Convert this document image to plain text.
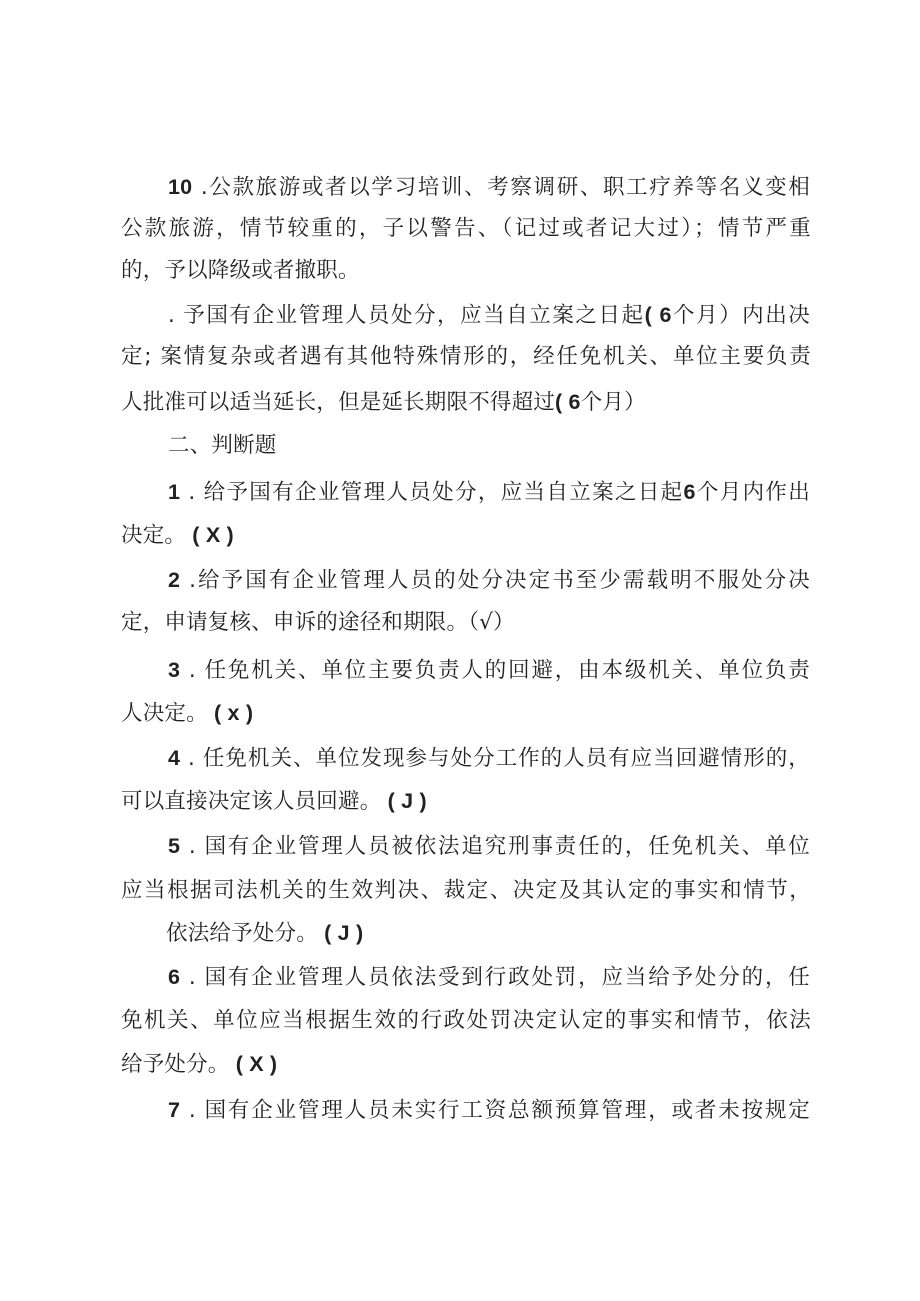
10 .公款旅游或者以学习培训、考察调研、职工疗养等名义变相
公款旅游，情节较重的，子以警告、（记过或者记大过）；情节严重
的，予以降级或者撤职。
. 予国有企业管理人员处分，应当自立案之日起( 6个月）内出决
定; 案情复杂或者遇有其他特殊情形的，经任免机关、单位主要负责
人批准可以适当延长，但是延长期限不得超过( 6个月）
二、判断题
1 . 给予国有企业管理人员处分，应当自立案之日起6个月内作出
决定。 ( X )
2 .给予国有企业管理人员的处分决定书至少需载明不服处分决
定，申请复核、申诉的途径和期限。（√）
3 . 任免机关、单位主要负责人的回避，由本级机关、单位负责
人决定。 ( x )
4 . 任免机关、单位发现参与处分工作的人员有应当回避情形的，
可以直接决定该人员回避。 ( J )
5 . 国有企业管理人员被依法追究刑事责任的，任免机关、单位
应当根据司法机关的生效判决、裁定、决定及其认定的事实和情节，
依法给予处分。 ( J )
6 . 国有企业管理人员依法受到行政处罚，应当给予处分的，任
免机关、单位应当根据生效的行政处罚决定认定的事实和情节，依法
给予处分。 ( X )
7 . 国有企业管理人员未实行工资总额预算管理，或者未按规定
